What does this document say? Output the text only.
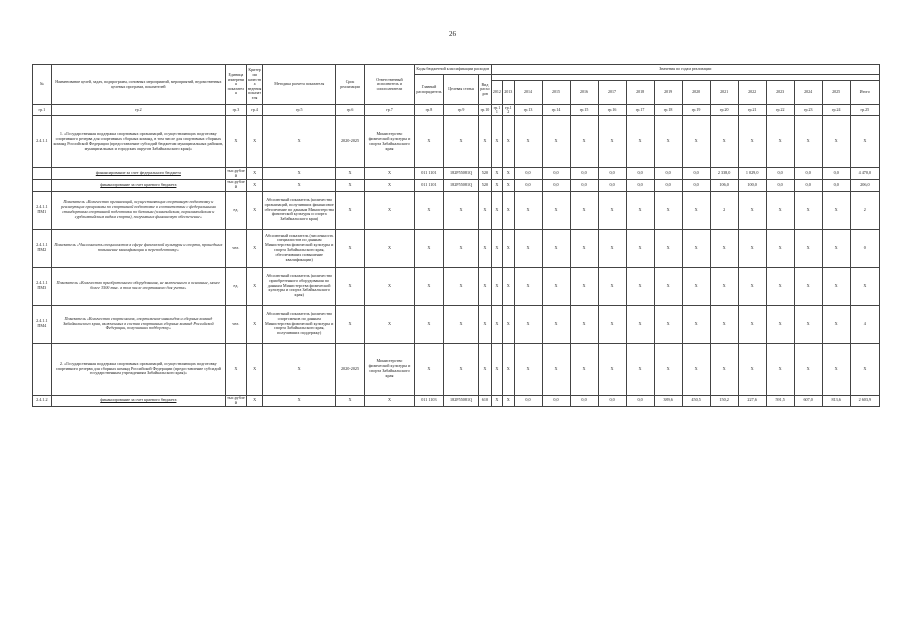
26
№	Наименование целей, задач, подпрограмм, основных мероприятий, мероприятий, ведомственных целевых программ, показателей	Единица измерения показателя	Критерии качества ведения показателя	Методика расчета показателя	Срок реализации	Ответственный исполнитель и соисполнители	Коды бюджетной классификации расходов			Значения по годам реализации														
							Главный распорядитель	Целевая статья	Вид расходов															
										2012	2013	2014	2015	2016	2017	2018	2019	2020	2021	2022	2023	2024	2025	Итого
гр.1	гр.2	гр.3	гр.4	гр.5	гр.6	гр.7	гр.8	гр.9	гр.10	гр.11	гр.12	гр.13	гр.14	гр.15	гр.16	гр.17	гр.18	гр.19	гр.20	гр.21	гр.22	гр.23	гр.24	гр.25
2.4.1.1	1. «Государственная поддержка спортивных организаций, осуществляющих подготовку спортивного резерва для спортивных сборных команд, в том числе для спортивных сборных команд Российской Федерации (предоставление субсидий бюджетам муниципальных районов, муниципальных и городских округов Забайкальского края)»	Х	Х	Х	2020-2025	Министерство физической культуры и спорта Забайкальского края	Х	Х	Х	Х	Х	Х	Х	Х	Х	Х	Х	Х	Х	Х	Х	Х	Х	Х
	финансирование за счет федерального бюджета	тыс.рублей	Х	Х	Х	Х	011 1101	182P55081Q	520	Х	Х	0,0	0,0	0,0	0,0	0,0	0,0	0,0	2 338,0	1 029,0	0,0	0,0	0,0	4 470,0
	финансирование за счет краевого бюджета	тыс.рублей	Х	Х	Х	Х	011 1101	182P55081Q	520	Х	Х	0,0	0,0	0,0	0,0	0,0	0,0	0,0	106,0	100,0	0,0	0,0	0,0	206,0
2.4.1.1 ПМ1	Показатель «Количество организаций, осуществляющих спортивную подготовку и реализующих программы по спортивной подготовке в соответствии с федеральными стандартами спортивной подготовки по базовым (олимпийским, паралимпийским и сурдлимпийским видам спорта), получивших финансовую обеспечение»	ед.	Х	Абсолютный показатель (количество организаций, получивших финансовое обеспечение по данным Министерства физической культуры и спорта Забайкальского края)	Х	Х	Х	Х	Х	Х	Х	Х	Х	Х	Х	Х	Х	Х	2	Х	Х	Х	Х	2
2.4.1.1 ПМ2	Показатель «Численность специалистов в сфере физической культуры и спорта, прошедших повышение квалификации и переподготовку»	чел.	Х	Абсолютный показатель (численность специалистов по данным Министерства физической культуры и спорта Забайкальского края, обеспечивших повышение квалификации)	Х	Х	Х	Х	Х	Х	Х	Х	Х	Х	Х	Х	Х	Х	Х	Х	Х	Х	Х	0
2.4.1.1 ПМ3	Показатель «Количество приобретенного оборудования, не включенного в основные, менее более 3500 тыс. в том числе спортивного для учета»	ед.	Х	Абсолютный показатель (количество приобретенного оборудования по данным Министерства физической культуры и спорта Забайкальского края)	Х	Х	Х	Х	Х	Х	Х	Х	Х	Х	Х	Х	Х	Х	Х	Х	Х	Х	Х	Х
2.4.1.1 ПМ4	Показатель «Количество спортсменов, спортсменов-инвалидов и сборных команд Забайкальского края, включенных в состав спортивных сборных команд Российской Федерации, получивших поддержку»	чел.	Х	Абсолютный показатель (количество спортсменов по данным Министерства физической культуры и спорта Забайкальского края, получивших поддержку)	Х	Х	Х	Х	Х	Х	Х	Х	Х	Х	Х	Х	Х	Х	Х	Х	Х	Х	Х	4
	2. «Государственная поддержка спортивных организаций, осуществляющих подготовку спортивного резерва для сборных команд Российской Федерации (предоставление субсидий государственным учреждениям Забайкальского края)»	Х	Х	Х	2020-2025	Министерство физической культуры и спорта Забайкальского края	Х	Х	Х	Х	Х	Х	Х	Х	Х	Х	Х	Х	Х	Х	Х	Х	Х	Х
2.4.1.2	финансирование за счет краевого бюджета	тыс.рублей	Х	Х	Х	Х	011 1103	182P55081Q	610	Х	Х	0,0	0,0	0,0	0,0	0,0	389,6	450,5	150,2	227,6	591,5	607,0	813,6	2 603,9
